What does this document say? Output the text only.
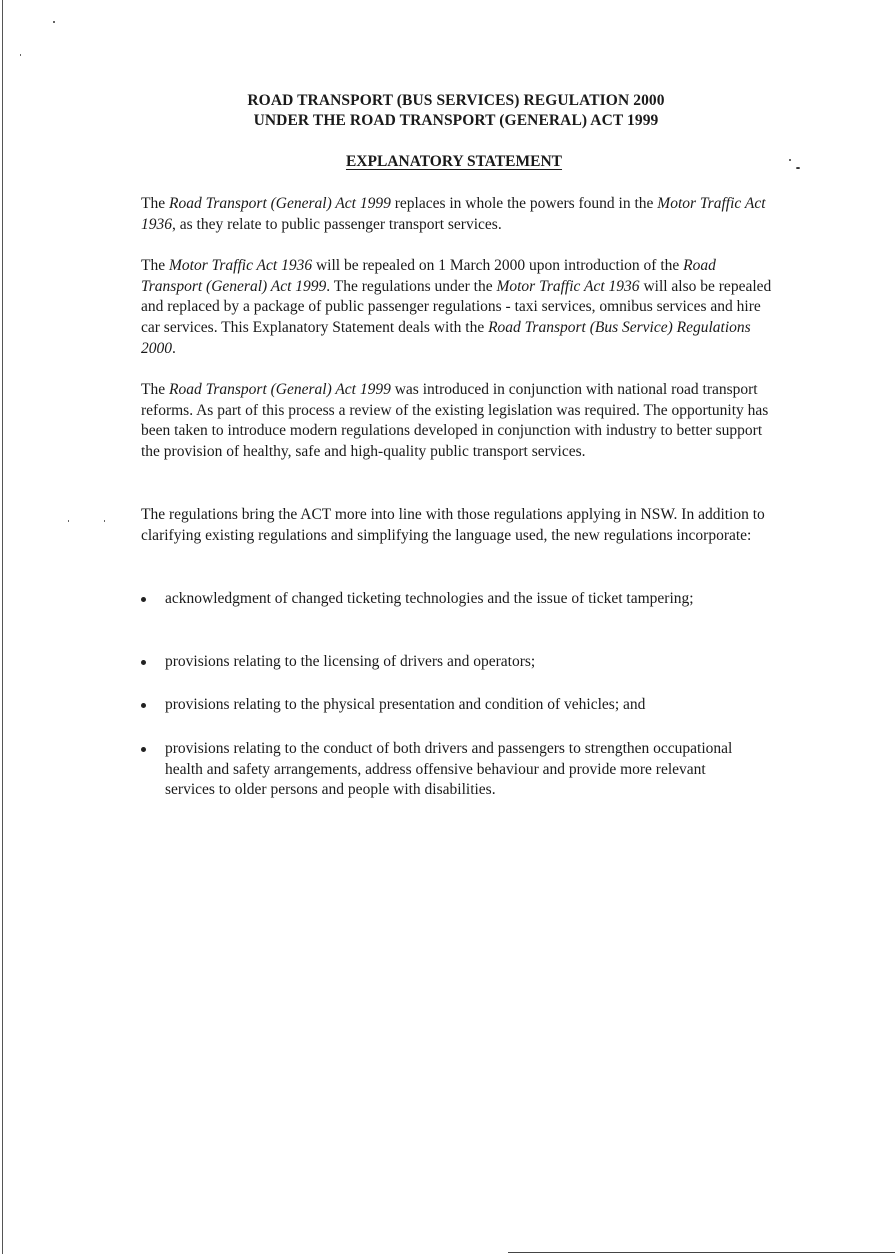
ROAD TRANSPORT (BUS SERVICES) REGULATION 2000
UNDER THE ROAD TRANSPORT (GENERAL) ACT 1999
EXPLANATORY STATEMENT

The Road Transport (General) Act 1999 replaces in whole the powers found in the Motor Traffic Act 1936, as they relate to public passenger transport services.

The Motor Traffic Act 1936 will be repealed on 1 March 2000 upon introduction of the Road Transport (General) Act 1999. The regulations under the Motor Traffic Act 1936 will also be repealed and replaced by a package of public passenger regulations - taxi services, omnibus services and hire car services. This Explanatory Statement deals with the Road Transport (Bus Service) Regulations 2000.

The Road Transport (General) Act 1999 was introduced in conjunction with national road transport reforms. As part of this process a review of the existing legislation was required. The opportunity has been taken to introduce modern regulations developed in conjunction with industry to better support the provision of healthy, safe and high-quality public transport services.

The regulations bring the ACT more into line with those regulations applying in NSW. In addition to clarifying existing regulations and simplifying the language used, the new regulations incorporate:

acknowledgment of changed ticketing technologies and the issue of ticket tampering;
provisions relating to the licensing of drivers and operators;
provisions relating to the physical presentation and condition of vehicles; and
provisions relating to the conduct of both drivers and passengers to strengthen occupational health and safety arrangements, address offensive behaviour and provide more relevant services to older persons and people with disabilities.
